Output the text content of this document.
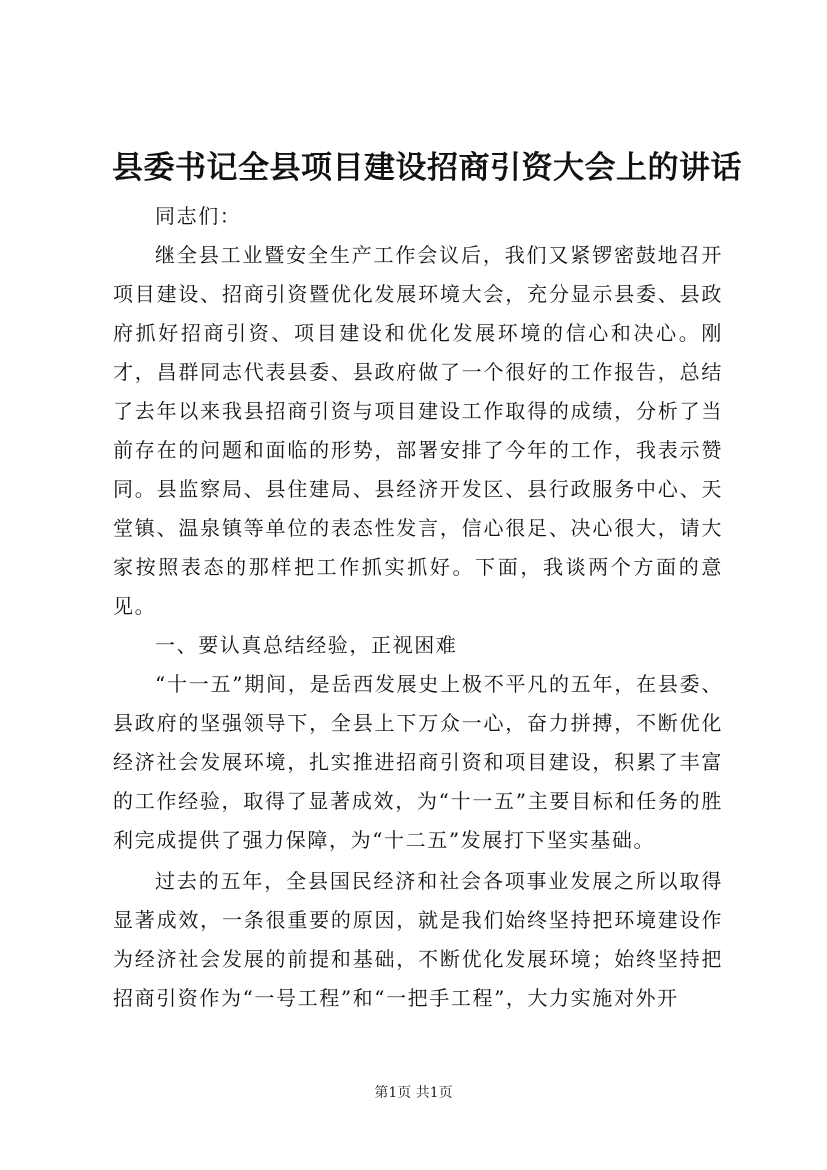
县委书记全县项目建设招商引资大会上的讲话

同志们：

继全县工业暨安全生产工作会议后，我们又紧锣密鼓地召开项目建设、招商引资暨优化发展环境大会，充分显示县委、县政府抓好招商引资、项目建设和优化发展环境的信心和决心。刚才，昌群同志代表县委、县政府做了一个很好的工作报告，总结了去年以来我县招商引资与项目建设工作取得的成绩，分析了当前存在的问题和面临的形势，部署安排了今年的工作，我表示赞同。县监察局、县住建局、县经济开发区、县行政服务中心、天堂镇、温泉镇等单位的表态性发言，信心很足、决心很大，请大家按照表态的那样把工作抓实抓好。下面，我谈两个方面的意见。

一、要认真总结经验，正视困难

“十一五”期间，是岳西发展史上极不平凡的五年，在县委、县政府的坚强领导下，全县上下万众一心，奋力拼搏，不断优化经济社会发展环境，扎实推进招商引资和项目建设，积累了丰富的工作经验，取得了显著成效，为“十一五”主要目标和任务的胜利完成提供了强力保障，为“十二五”发展打下坚实基础。

过去的五年，全县国民经济和社会各项事业发展之所以取得显著成效，一条很重要的原因，就是我们始终坚持把环境建设作为经济社会发展的前提和基础，不断优化发展环境；始终坚持把招商引资作为“一号工程”和“一把手工程”，大力实施对外开

第1页 共1页
